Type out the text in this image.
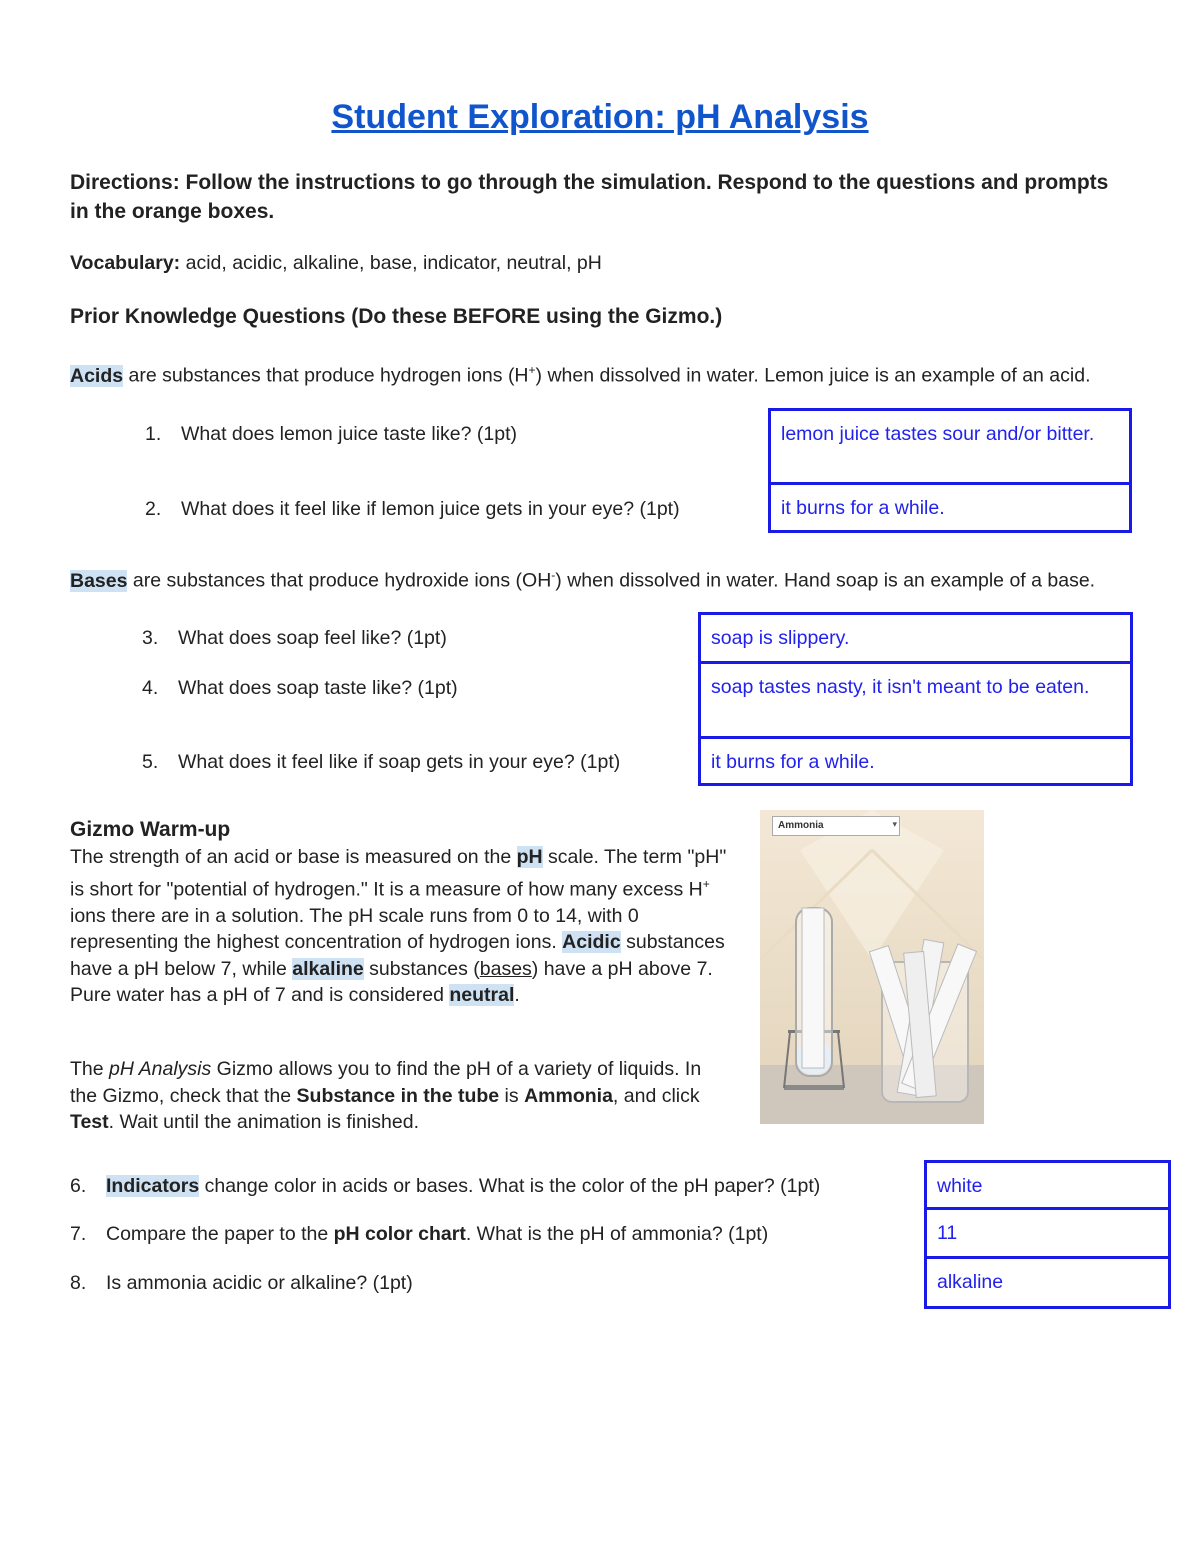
Student Exploration: pH Analysis
Directions: Follow the instructions to go through the simulation. Respond to the questions and prompts in the orange boxes.
Vocabulary: acid, acidic, alkaline, base, indicator, neutral, pH
Prior Knowledge Questions (Do these BEFORE using the Gizmo.)
Acids are substances that produce hydrogen ions (H+) when dissolved in water. Lemon juice is an example of an acid.
1. What does lemon juice taste like? (1pt)
2. What does it feel like if lemon juice gets in your eye? (1pt)
lemon juice tastes sour and/or bitter.
it burns for a while.
Bases are substances that produce hydroxide ions (OH-) when dissolved in water. Hand soap is an example of a base.
3. What does soap feel like? (1pt)
4. What does soap taste like? (1pt)
5. What does it feel like if soap gets in your eye? (1pt)
soap is slippery.
soap tastes nasty, it isn't meant to be eaten.
it burns for a while.
Gizmo Warm-up
The strength of an acid or base is measured on the pH scale. The term "pH" is short for "potential of hydrogen." It is a measure of how many excess H+ ions there are in a solution. The pH scale runs from 0 to 14, with 0 representing the highest concentration of hydrogen ions. Acidic substances have a pH below 7, while alkaline substances (bases) have a pH above 7. Pure water has a pH of 7 and is considered neutral.
The pH Analysis Gizmo allows you to find the pH of a variety of liquids. In the Gizmo, check that the Substance in the tube is Ammonia, and click Test. Wait until the animation is finished.
Ammonia	▾
6. Indicators change color in acids or bases. What is the color of the pH paper? (1pt)
7. Compare the paper to the pH color chart. What is the pH of ammonia? (1pt)
8. Is ammonia acidic or alkaline? (1pt)
white
11
alkaline
